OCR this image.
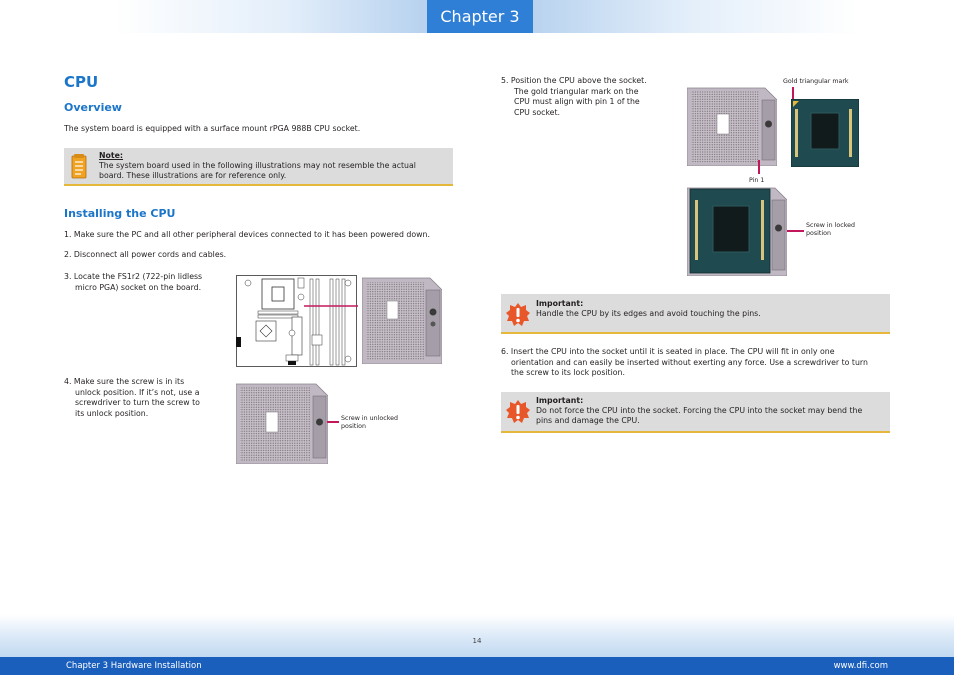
Chapter 3
CPU
Overview
The system board is equipped with a surface mount rPGA 988B CPU socket.
Note:
The system board used in the following illustrations may not resemble the actual
board. These illustrations are for reference only.
Installing the CPU
1. Make sure the PC and all other peripheral devices connected to it has been powered down.
2. Disconnect all power cords and cables.
3. Locate the FS1r2 (722-pin lidless
micro PGA) socket on the board.
4. Make sure the screw is in its
unlock position. If it’s not, use a
screwdriver to turn the screw to
its unlock position.
Screw in unlocked
position
5. Position the CPU above the socket.
The gold triangular mark on the
CPU must align with pin 1 of the
CPU socket.
Pin 1
Gold triangular mark
Screw in locked
position
Important:
Handle the CPU by its edges and avoid touching the pins.
6. Insert the CPU into the socket until it is seated in place. The CPU will fit in only one
orientation and can easily be inserted without exerting any force. Use a screwdriver to turn
the screw to its lock position.
Important:
Do not force the CPU into the socket. Forcing the CPU into the socket may bend the
pins and damage the CPU.
14
Chapter 3 Hardware Installation	www.dfi.com
